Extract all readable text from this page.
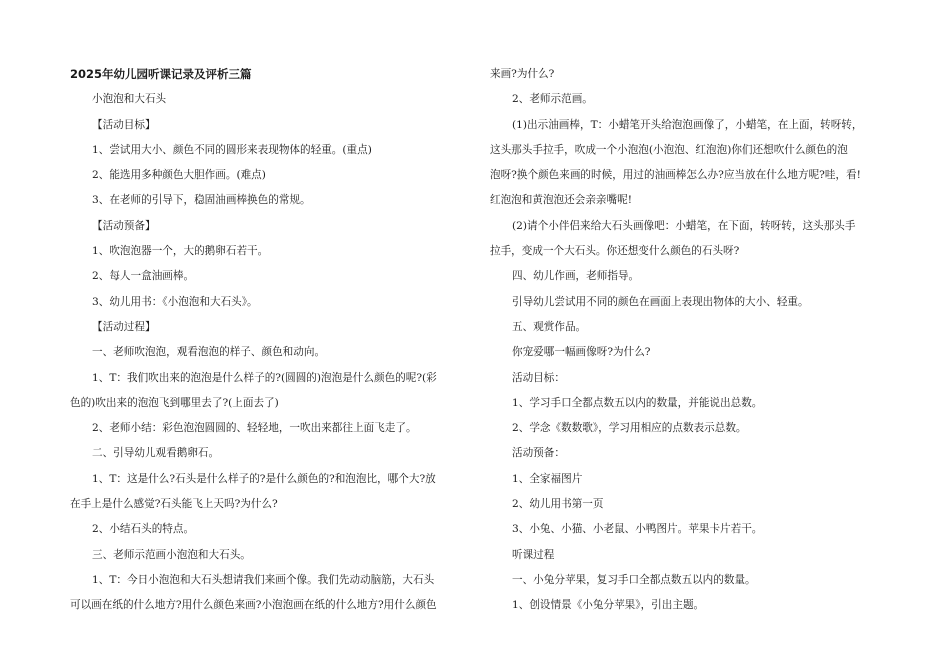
2025年幼儿园听课记录及评析三篇
小泡泡和大石头
【活动目标】
1、尝试用大小、颜色不同的圆形来表现物体的轻重。(重点)
2、能选用多种颜色大胆作画。(难点)
3、在老师的引导下，稳固油画棒换色的常规。
【活动预备】
1、吹泡泡器一个，大的鹅卵石若干。
2、每人一盒油画棒。
3、幼儿用书：《小泡泡和大石头》。
【活动过程】
一、老师吹泡泡，观看泡泡的样子、颜色和动向。
1、T：我们吹出来的泡泡是什么样子的?(圆圆的)泡泡是什么颜色的呢?(彩
色的)吹出来的泡泡飞到哪里去了?(上面去了)
2、老师小结：彩色泡泡圆圆的、轻轻地，一吹出来都往上面飞走了。
二、引导幼儿观看鹅卵石。
1、T：这是什么?石头是什么样子的?是什么颜色的?和泡泡比，哪个大?放
在手上是什么感觉?石头能飞上天吗?为什么?
2、小结石头的特点。
三、老师示范画小泡泡和大石头。
1、T：今日小泡泡和大石头想请我们来画个像。我们先动动脑筋，大石头
可以画在纸的什么地方?用什么颜色来画?小泡泡画在纸的什么地方?用什么颜色
来画?为什么?
2、老师示范画。
(1)出示油画棒，T：小蜡笔开头给泡泡画像了，小蜡笔，在上面，转呀转，
这头那头手拉手，吹成一个小泡泡(小泡泡、红泡泡)你们还想吹什么颜色的泡
泡呀?换个颜色来画的时候，用过的油画棒怎么办?应当放在什么地方呢?哇，看!
红泡泡和黄泡泡还会亲亲嘴呢!
(2)请个小伴侣来给大石头画像吧：小蜡笔，在下面，转呀转，这头那头手
拉手，变成一个大石头。你还想变什么颜色的石头呀?
四、幼儿作画，老师指导。
引导幼儿尝试用不同的颜色在画面上表现出物体的大小、轻重。
五、观赏作品。
你宠爱哪一幅画像呀?为什么?
活动目标：
1、学习手口全都点数五以内的数量，并能说出总数。
2、学念《数数歌》，学习用相应的点数表示总数。
活动预备：
1、全家福图片
2、幼儿用书第一页
3、小兔、小猫、小老鼠、小鸭图片。苹果卡片若干。
听课过程
一、小兔分苹果，复习手口全都点数五以内的数量。
1、创设情景《小兔分苹果》，引出主题。
